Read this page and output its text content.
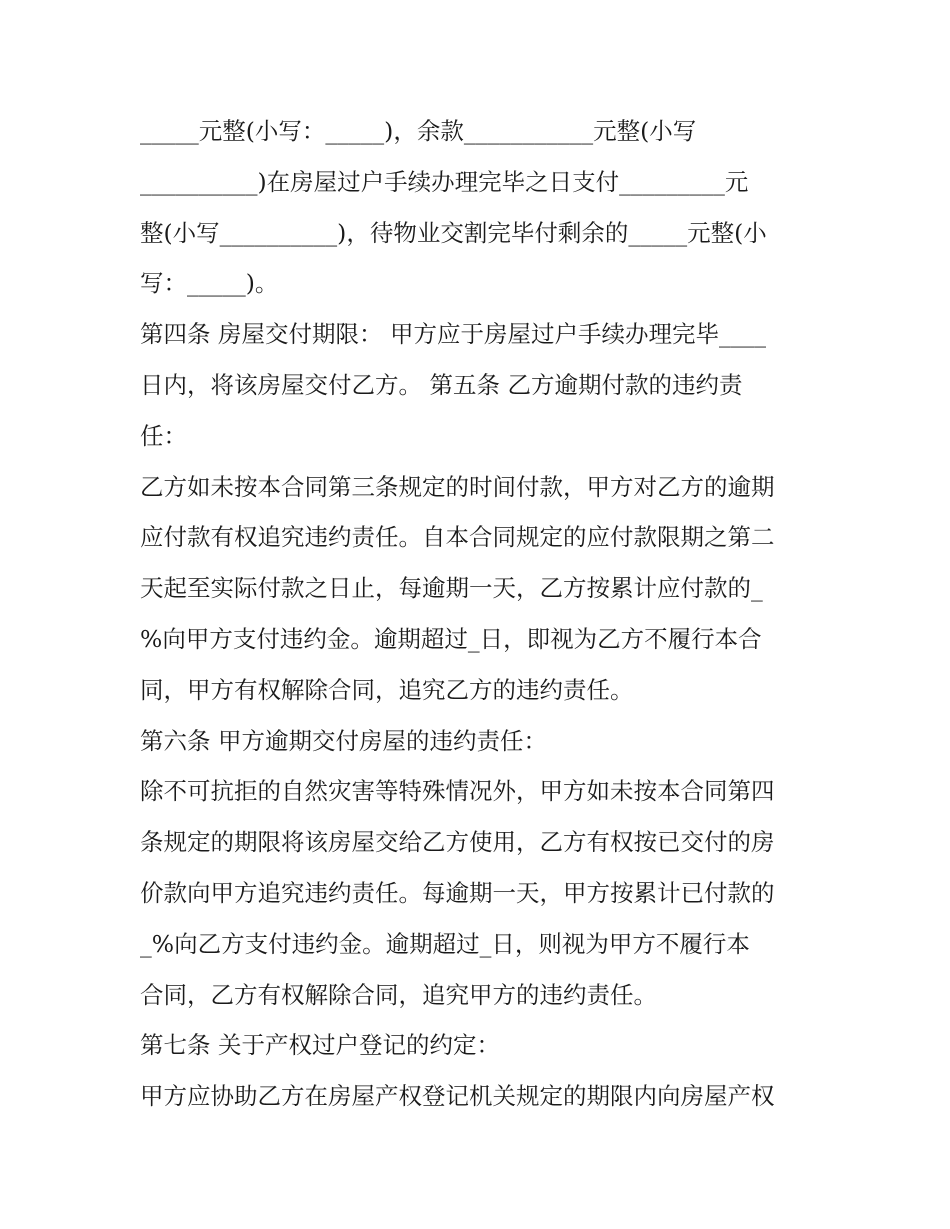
_____元整(小写：_____)，余款___________元整(小写
__________)在房屋过户手续办理完毕之日支付_________元
整(小写__________)，待物业交割完毕付剩余的_____元整(小
写：_____)。
第四条 房屋交付期限： 甲方应于房屋过户手续办理完毕____
日内，将该房屋交付乙方。 第五条 乙方逾期付款的违约责
任：
乙方如未按本合同第三条规定的时间付款，甲方对乙方的逾期
应付款有权追究违约责任。自本合同规定的应付款限期之第二
天起至实际付款之日止，每逾期一天，乙方按累计应付款的_
%向甲方支付违约金。逾期超过_日，即视为乙方不履行本合
同，甲方有权解除合同，追究乙方的违约责任。
第六条 甲方逾期交付房屋的违约责任：
除不可抗拒的自然灾害等特殊情况外，甲方如未按本合同第四
条规定的期限将该房屋交给乙方使用，乙方有权按已交付的房
价款向甲方追究违约责任。每逾期一天，甲方按累计已付款的
_%向乙方支付违约金。逾期超过_日，则视为甲方不履行本
合同，乙方有权解除合同，追究甲方的违约责任。
第七条 关于产权过户登记的约定：
甲方应协助乙方在房屋产权登记机关规定的期限内向房屋产权
